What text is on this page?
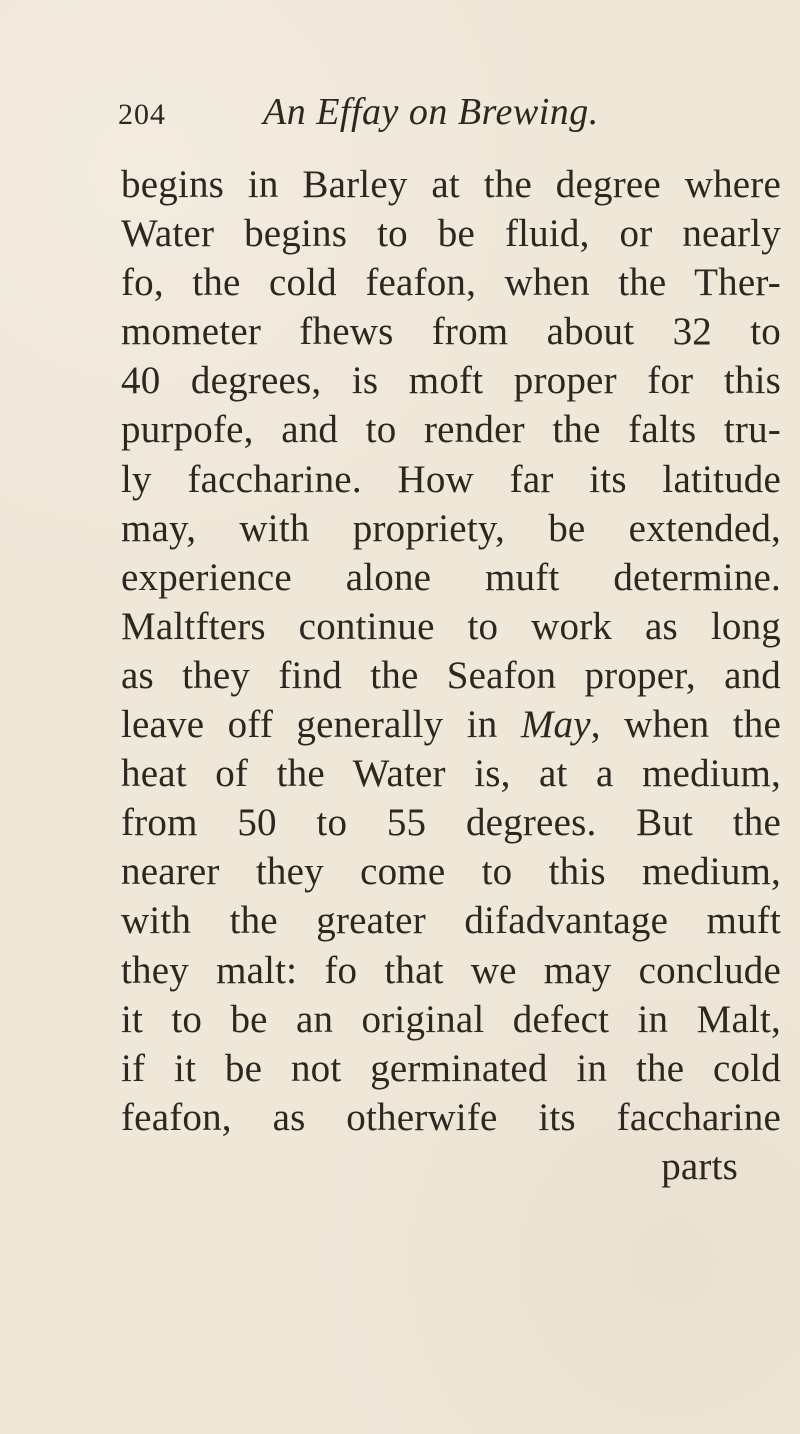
204	An Effay on Brewing.
begins in Barley at the degree where
Water begins to be fluid, or nearly
fo, the cold feafon, when the Ther-
mometer fhews from about 32 to
40 degrees, is moft proper for this
purpofe, and to render the falts tru-
ly faccharine. How far its latitude
may, with propriety, be extended,
experience alone muft determine.
Maltfters continue to work as long
as they find the Seafon proper, and
leave off generally in May, when the
heat of the Water is, at a medium,
from 50 to 55 degrees. But the
nearer they come to this medium,
with the greater difadvantage muft
they malt: fo that we may conclude
it to be an original defect in Malt,
if it be not germinated in the cold
feafon, as otherwife its faccharine
parts
